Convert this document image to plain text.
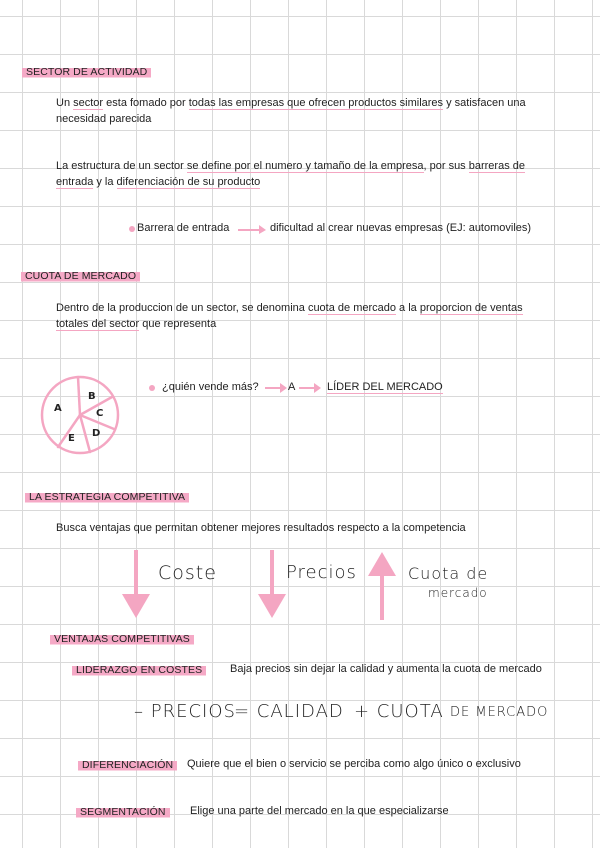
SECTOR DE ACTIVIDAD
Un sector esta fomado por todas las empresas que ofrecen productos similares y satisfacen una
necesidad parecida
La estructura de un sector se define por el numero y tamaño de la empresa, por sus barreras de
entrada y la diferenciación de su producto
Barrera de entrada	dificultad al crear nuevas empresas (EJ: automoviles)
CUOTA DE MERCADO
Dentro de la produccion de un sector, se denomina cuota de mercado a la proporcion de ventas
totales del sector que representa
A
B
C
D
E
¿quién vende más?	A	LÍDER DEL MERCADO
LA ESTRATEGIA COMPETITIVA
Busca ventajas que permitan obtener mejores resultados respecto a la competencia
Coste	Precios	Cuota de
mercado
VENTAJAS COMPETITIVAS
LIDERAZGO EN COSTES	Baja precios sin dejar la calidad y aumenta la cuota de mercado
– PRECIOS
= CALIDAD + CUOTA DE MERCADO
DIFERENCIACIÓN	Quiere que el bien o servicio se perciba como algo único o exclusivo
SEGMENTACIÓN	Elige una parte del mercado en la que especializarse
